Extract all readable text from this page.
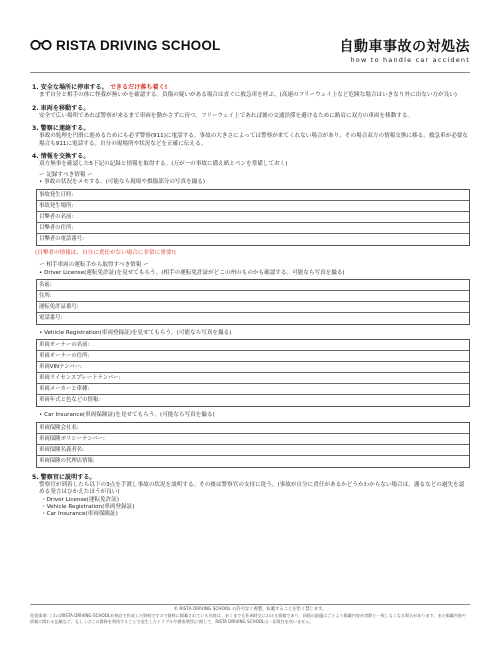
RISTA DRIVING SCHOOL	自動車事故の対処法
how to handle car accident
1. 安全な場所に停車する。 できるだけ落ち着く!
まず自分と相手の体に怪我が無いかを確認する。負傷の疑いがある場合は直ぐに救急車を呼ぶ。(高速のフリーウェイ上など危険な場合はいきなり外に出ない方が良い)
2. 車両を移動する。
安全で広い場所であれば警察が来るまで車両を動かさずに待つ。フリーウェイ上であれば後の交通渋滞を避けるために路肩に双方の車両を移動する。
3. 警察に連絡する。
事故の処理を円滑に進めるためにも必ず警察(911)に電話する。事故の大きさによっては警察が来てくれない場合があり、その場合双方の情報交換に移る。救急車が必要な場合も911に電話する。自分の現場所や状況などを正確に伝える。
4. 情報を交換する。
双方無事を確認した5下記の記録と情報を取得する。(万が一の事故に備え紙とペンを常備しておく)
ー 記録すべき情報 ー
• 事故の状況をメモする。(可能なら現場や損傷部分の写真を撮る)
事故発生日時:
事故発生場所:
目撃者の名前:
目撃者の住所:
目撃者の電話番号:
(目撃者の情報は、自分に責任がない場合に非常に重要!)
ー 相手車両の運転手から取得すべき情報 ー
• Driver License(運転免許証)を見せてもらう。(相手の運転免許証がどこの州のものかも確認する。可能なら写真を撮る)
名前:
住所:
運転免許証番号:
電話番号:
• Vehicle Registration(車両登録証)を見せてもらう。(可能なら写真を撮る)
車両オーナーの名前:
車両オーナーの住所:
車両VINナンバー:
車両ライセンスプレートナンバー:
車両メーカーと車種:
車両年式と色などの情報:
• Car Insurance(車両保険証)を見せてもらう。(可能なら写真を撮る)
車両保険会社名:
車両保険ポリシーナンバー:
車両保険名義者名:
車両保険の代理店情報:
5. 警察官に説明する。
警察官が到着したら以下の3点を手渡し事故の状況を説明する。その後は警察官の支持に従う。(事故が自分に責任があるかどうかわからない場合は、謝るなどの過失を認める発言はひかえたほうが良い)
・Driver License(運転免許証)
・Vehicle Registration(車両登録証)
・Car Insurance(車両保険証)
© RISTA DRIVING SCHOOL の許可なく複製、転載することを堅く禁じます。
免責事項: これはRISTA DRIVING SCHOOLが独自で作成した資料ですので資料に掲載されている内容は、あくまでも作成時点における情報であり、同情の最適はごとより掲載内容が実際と一致しなくなる場合があります。また掲載内容や情報に関わる記載など、もしくはこの資料を利用することで発生したトラブルや損害/損失に関して、RISTA DRIVING SCHOOLは一切責任を負いません。
